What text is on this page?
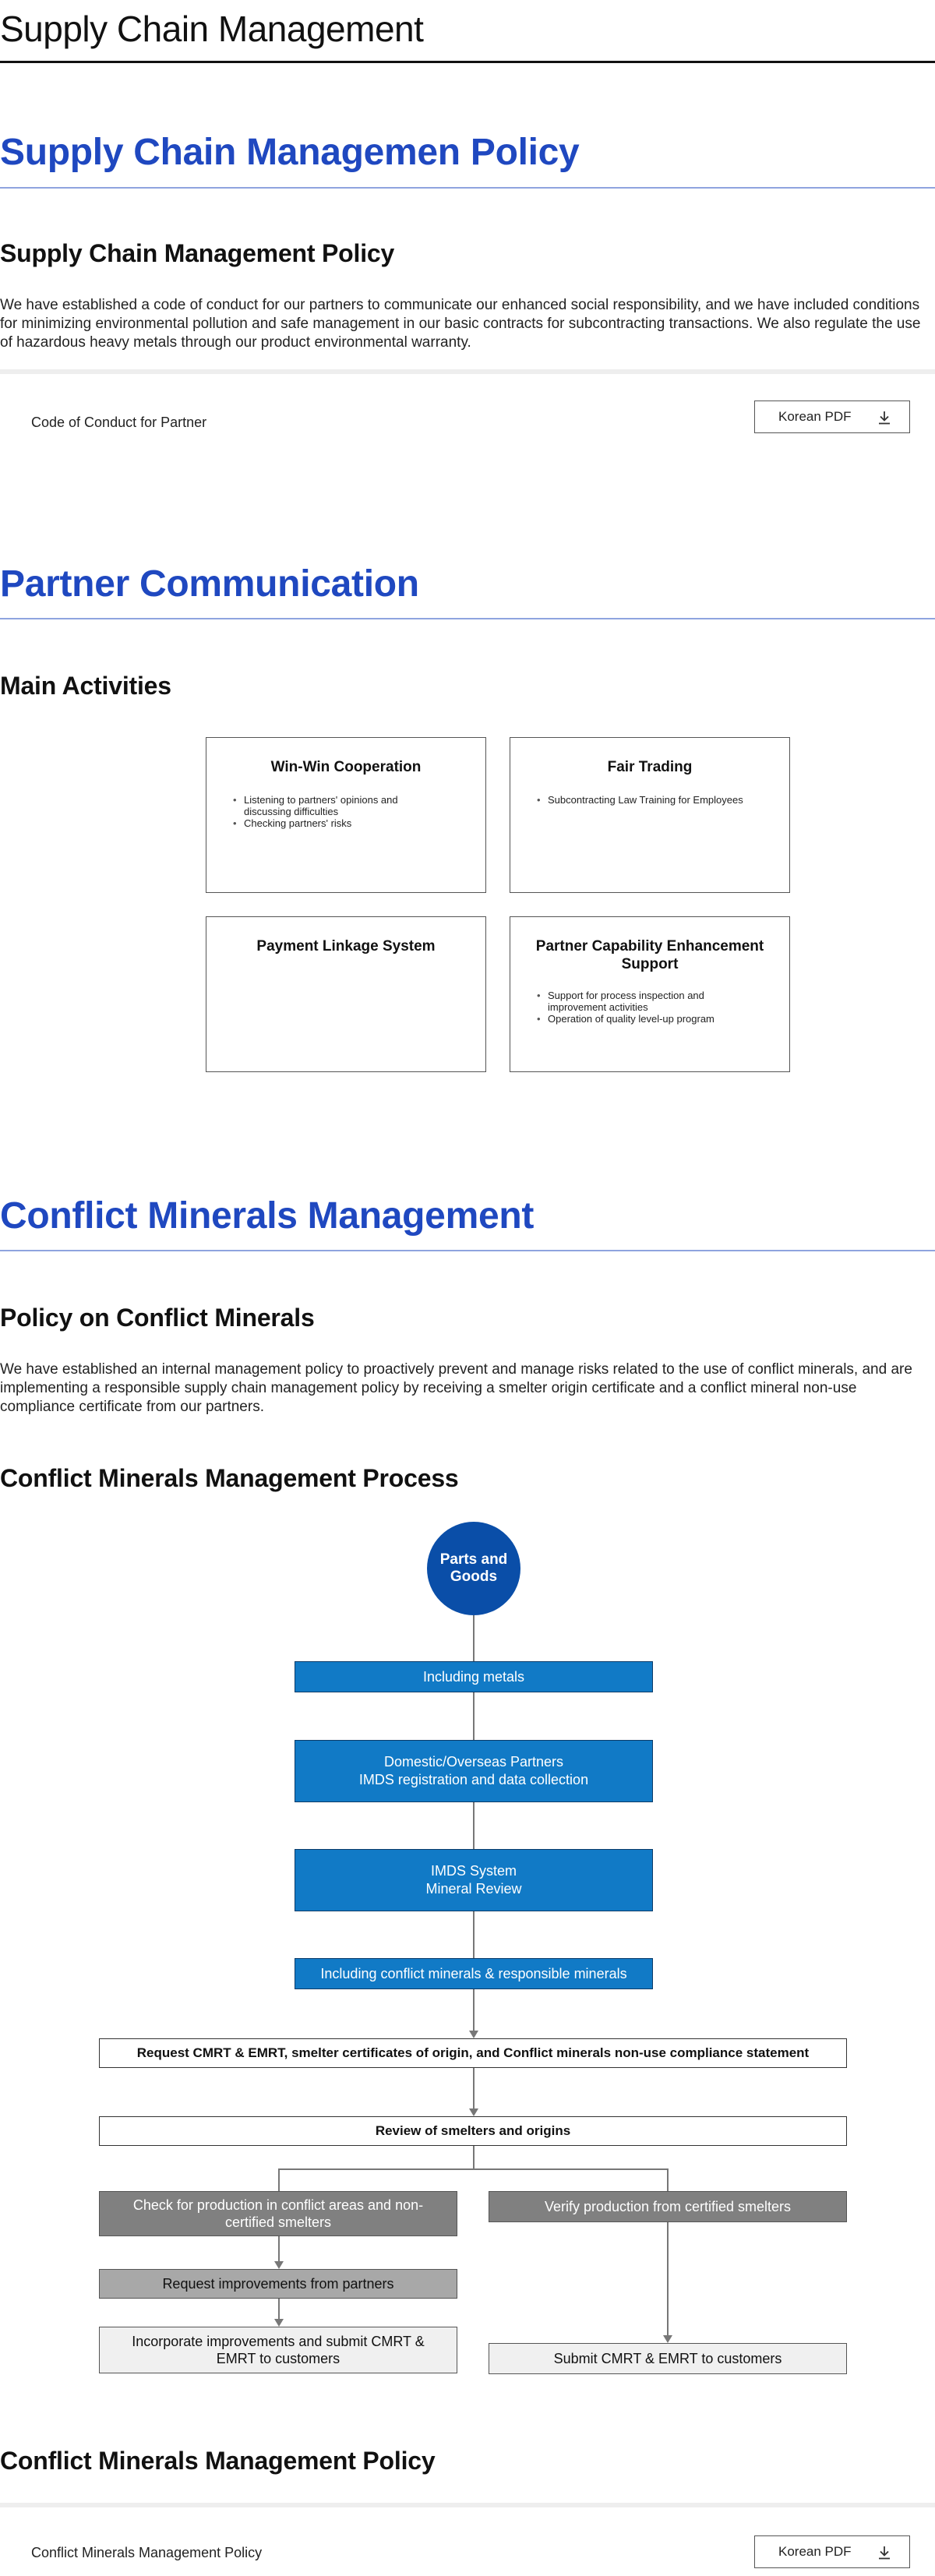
Supply Chain Management
Supply Chain Managemen Policy
Supply Chain Management Policy

We have established a code of conduct for our partners to communicate our enhanced social responsibility, and we have included conditions for minimizing environmental pollution and safe management in our basic contracts for subcontracting transactions. We also regulate the use of hazardous heavy metals through our product environmental warranty.

Code of Conduct for Partner	Korean PDF
Partner Communication
Main Activities
Win-Win Cooperation
• Listening to partners' opinions and discussing difficulties
• Checking partners' risks
Fair Trading
• Subcontracting Law Training for Employees
Payment Linkage System	Partner Capability Enhancement Support
• Support for process inspection and improvement activities
• Operation of quality level-up program
Conflict Minerals Management
Policy on Conflict Minerals

We have established an internal management policy to proactively prevent and manage risks related to the use of conflict minerals, and are implementing a responsible supply chain management policy by receiving a smelter origin certificate and a conflict mineral non-use compliance certificate from our partners.

Conflict Minerals Management Process
Parts and Goods
Including metals
Domestic/Overseas Partners
IMDS registration and data collection
IMDS System
Mineral Review
Including conflict minerals & responsible minerals
Request CMRT & EMRT, smelter certificates of origin, and Conflict minerals non-use compliance statement
Review of smelters and origins
Check for production in conflict areas and non-certified smelters
Request improvements from partners
Incorporate improvements and submit CMRT & EMRT to customers
Verify production from certified smelters
Submit CMRT & EMRT to customers
Conflict Minerals Management Policy
Conflict Minerals Management Policy	Korean PDF
